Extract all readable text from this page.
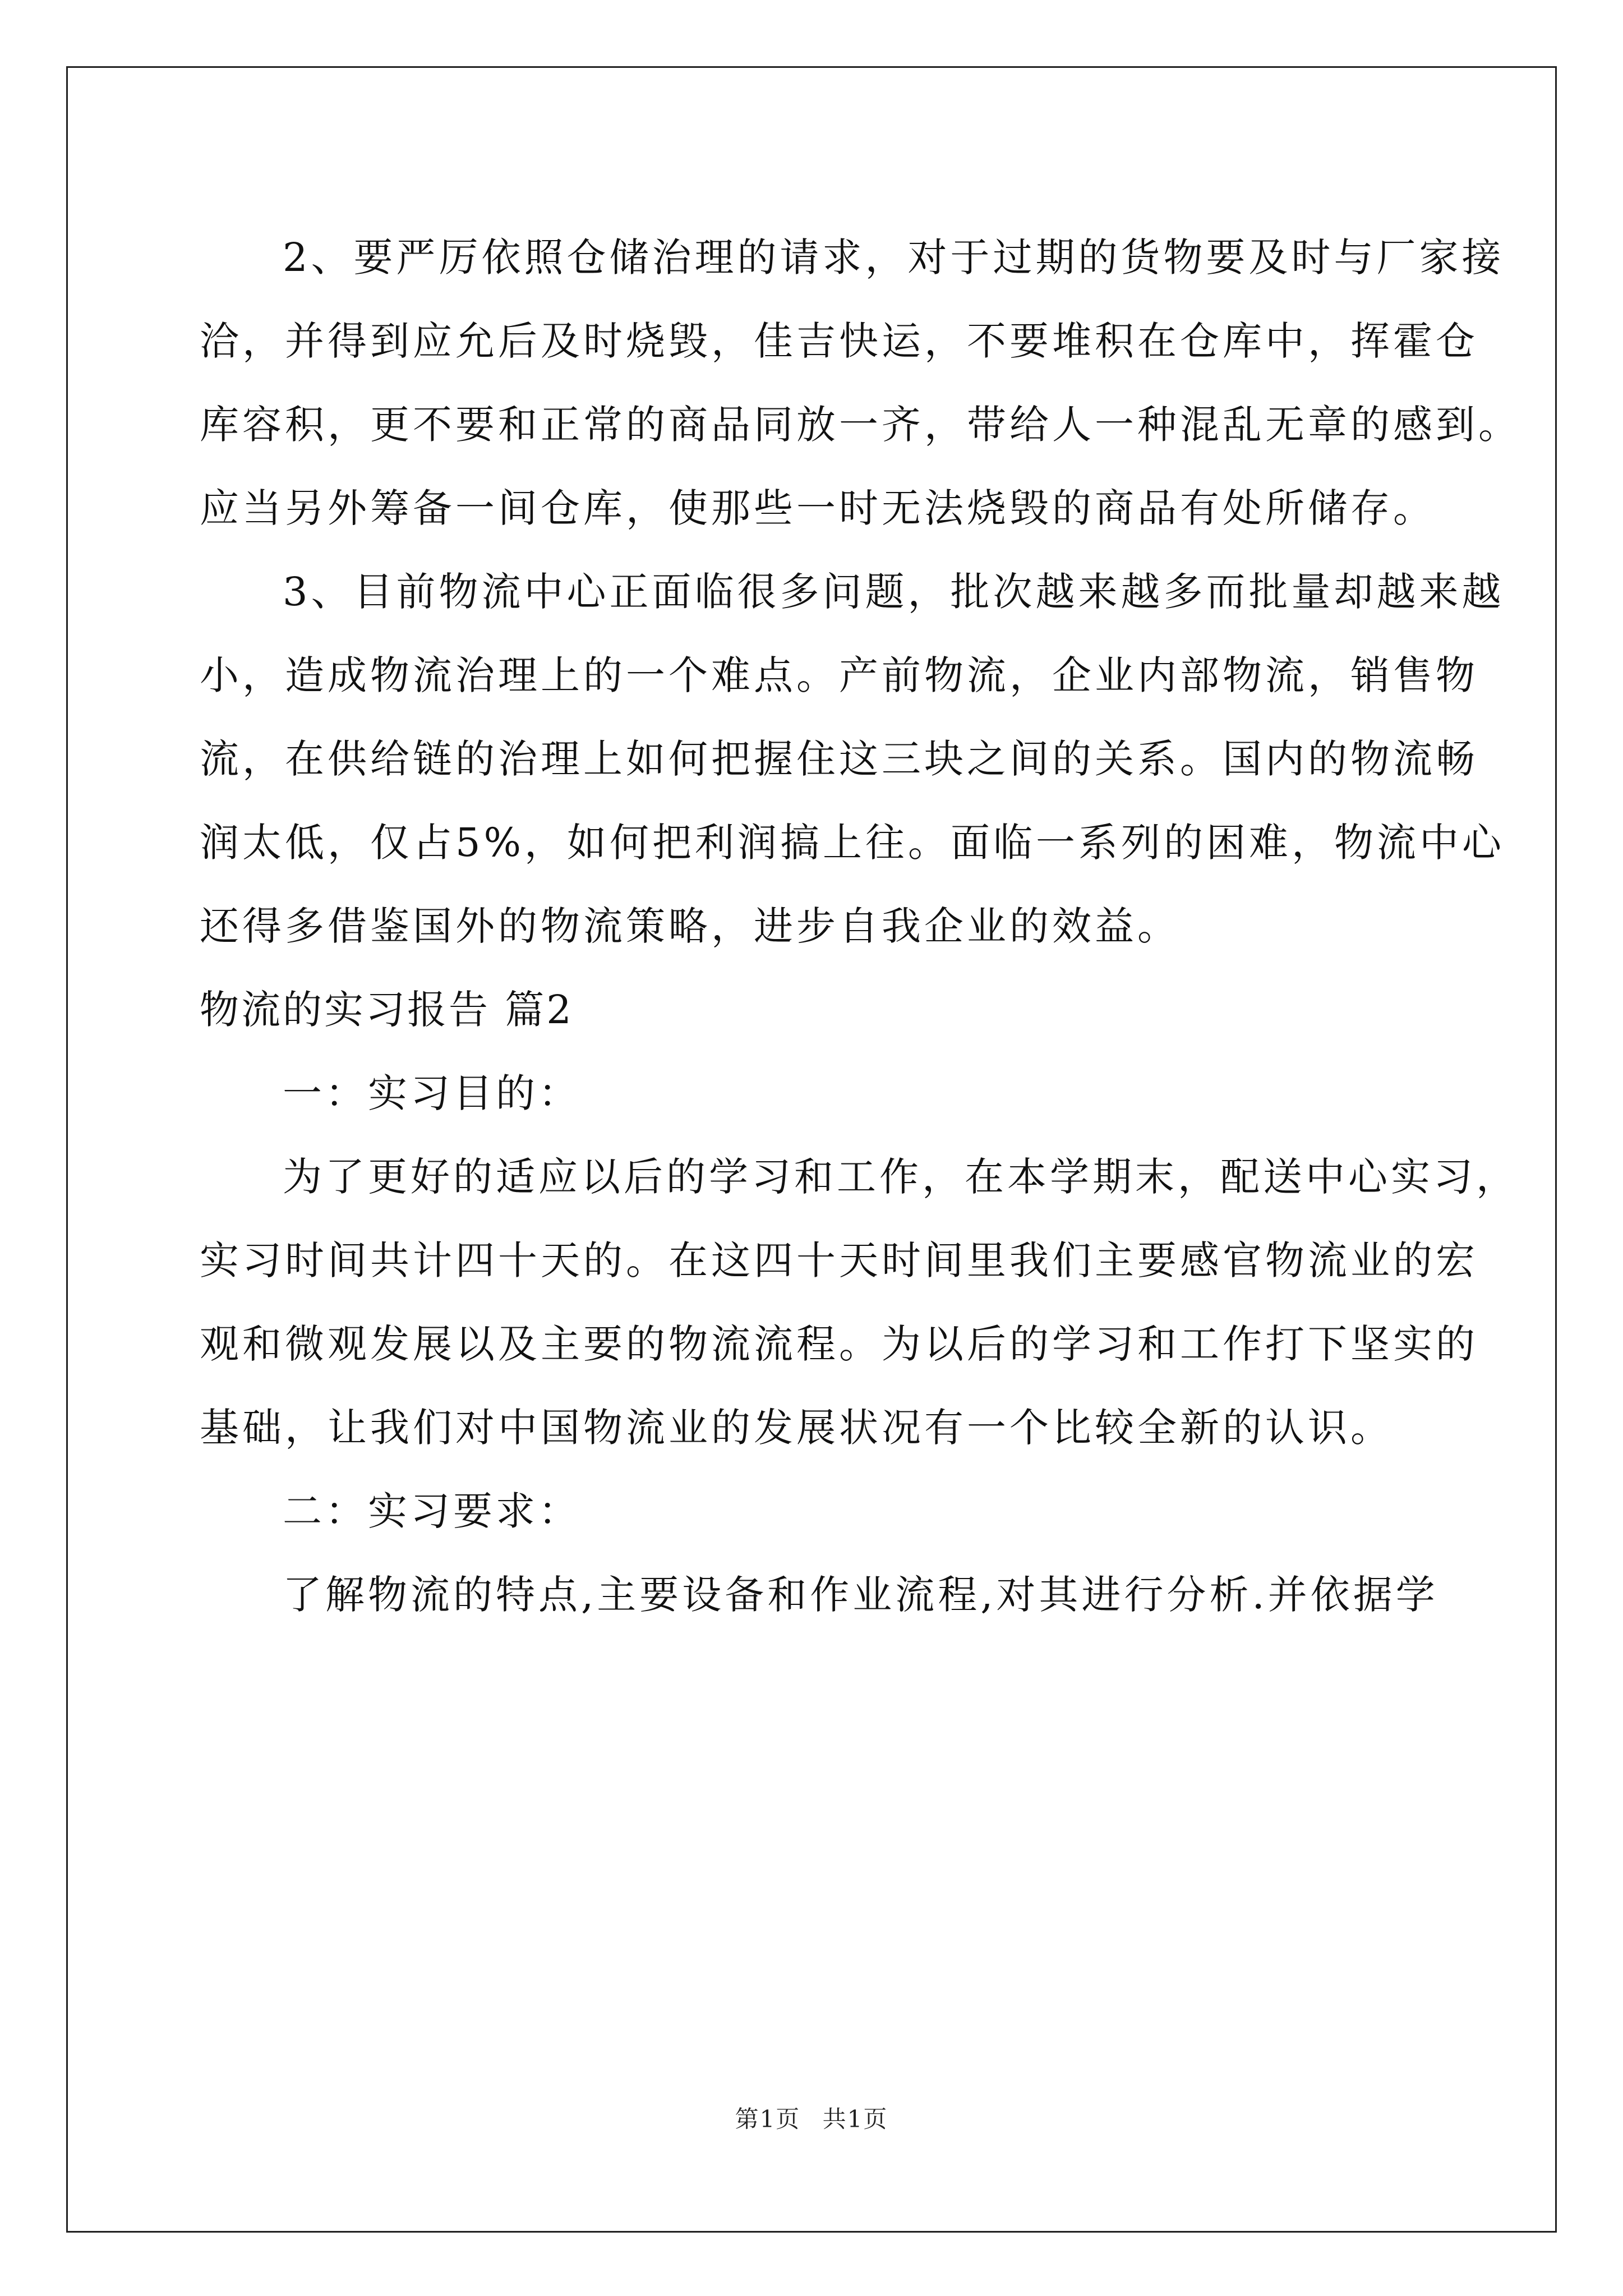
2、要严厉依照仓储治理的请求，对于过期的货物要及时与厂家接
洽，并得到应允后及时烧毁，佳吉快运，不要堆积在仓库中，挥霍仓
库容积，更不要和正常的商品同放一齐，带给人一种混乱无章的感到。
应当另外筹备一间仓库，使那些一时无法烧毁的商品有处所储存。

3、目前物流中心正面临很多问题，批次越来越多而批量却越来越
小，造成物流治理上的一个难点。产前物流，企业内部物流，销售物
流，在供给链的治理上如何把握住这三块之间的关系。国内的物流畅
润太低，仅占5%，如何把利润搞上往。面临一系列的困难，物流中心
还得多借鉴国外的物流策略，进步自我企业的效益。

物流的实习报告 篇2

一：实习目的：

为了更好的适应以后的学习和工作，在本学期末，配送中心实习，
实习时间共计四十天的。在这四十天时间里我们主要感官物流业的宏
观和微观发展以及主要的物流流程。为以后的学习和工作打下坚实的
基础，让我们对中国物流业的发展状况有一个比较全新的认识。

二：实习要求：

了解物流的特点,主要设备和作业流程,对其进行分析.并依据学

第1页 共1页
